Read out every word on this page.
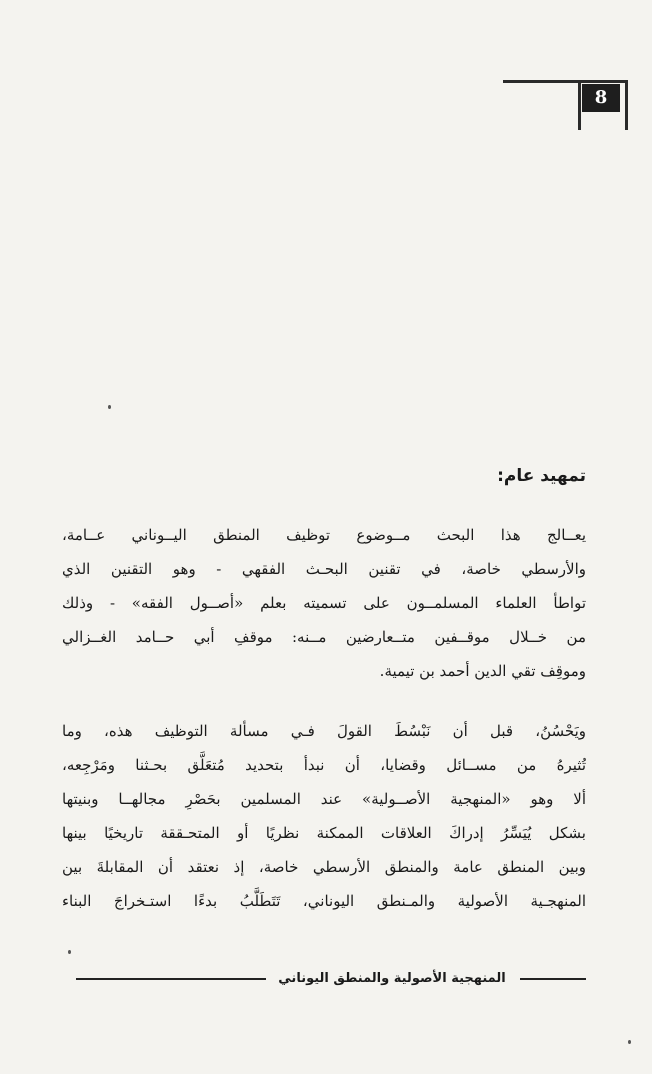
8
تمهيد عام:
يعــالج هذا البحث مــوضوع توظيف المنطق اليــوناني عــامة،
والأرسطي خاصة، في تقنين البحـث الفقهي - وهو التقنين الذي
تواطأ العلماء المسلمــون على تسميته بعلم «أصــول الفقه» - وذلك
من خــلال موقــفين متــعارضين مــنه: موقفِ أبي حــامد الغــزالي
وموقِف تقي الدين أحمد بن تيمية.
ويَحْسُنُ، قبل أن نَبْسُطَ القولَ فـي مسألة التوظيف هذه، وما
تُثيرهُ من مســائل وقضايا، أن نبدأ بتحديد مُتعَلَّق بحـثنا ومَرْجِعه،
ألا وهو «المنهجية الأصــولية» عند المسلمين بحَصْرِ مجالهــا وبنيتها
بشكل يُيَسِّرُ إدراكَ العلاقات الممكنة نظريًا أو المتحـققة تاريخيًا بينها
وبين المنطق عامة والمنطق الأرسطي خاصة، إذ نعتقد أن المقابلةَ بين
المنهجـية الأصولية والمـنطق اليوناني، تَتَطَلَّبُ بدءًا استـخراجَ البناء
المنهجية الأصولية والمنطق اليوناني
